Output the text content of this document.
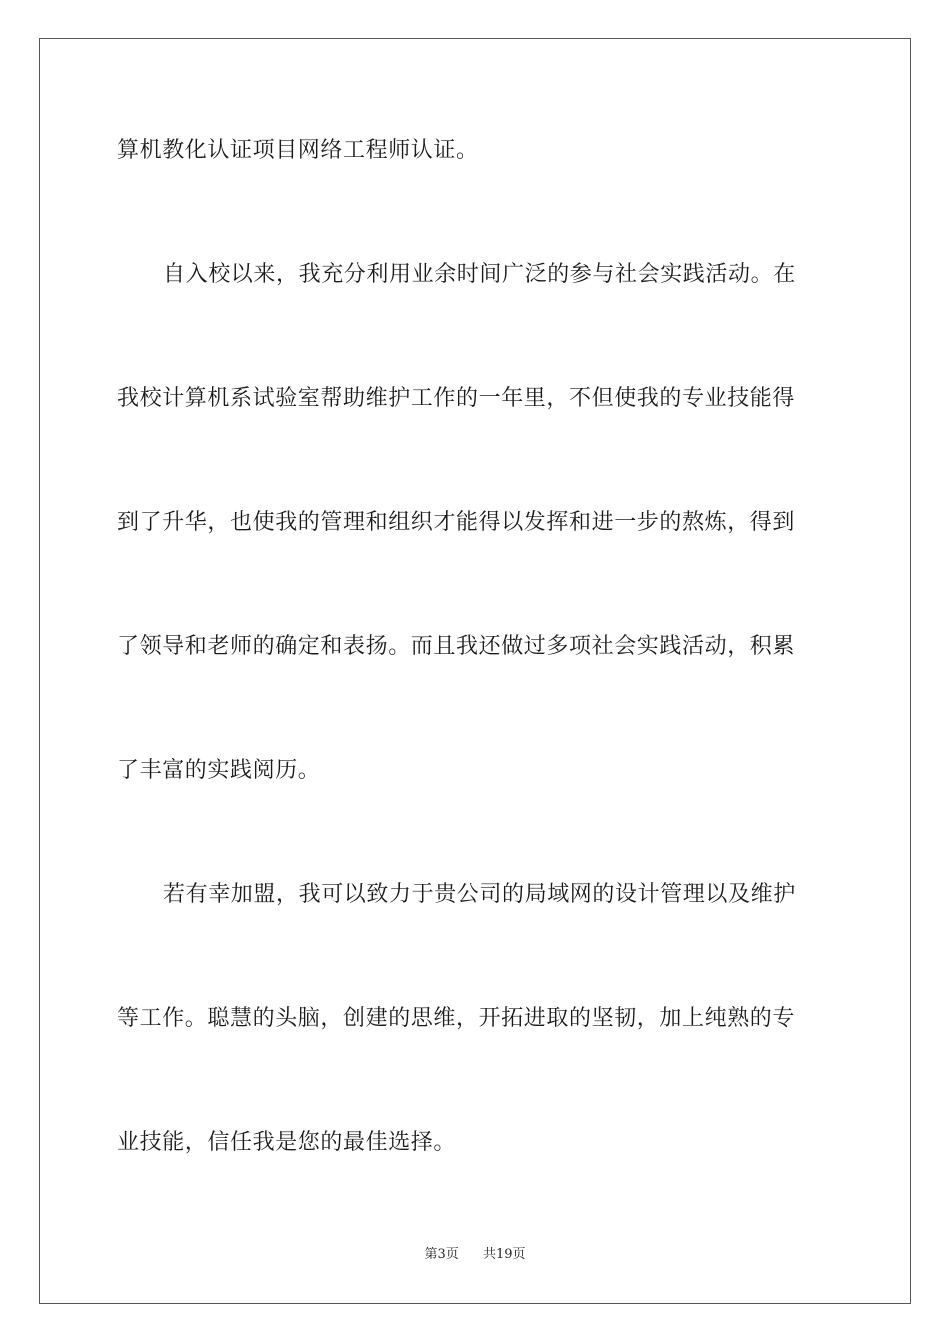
算机教化认证项目网络工程师认证。
自入校以来，我充分利用业余时间广泛的参与社会实践活动。在
我校计算机系试验室帮助维护工作的一年里，不但使我的专业技能得
到了升华，也使我的管理和组织才能得以发挥和进一步的熬炼，得到
了领导和老师的确定和表扬。而且我还做过多项社会实践活动，积累
了丰富的实践阅历。
若有幸加盟，我可以致力于贵公司的局域网的设计管理以及维护
等工作。聪慧的头脑，创建的思维，开拓进取的坚韧，加上纯熟的专
业技能，信任我是您的最佳选择。
第3页 共19页
